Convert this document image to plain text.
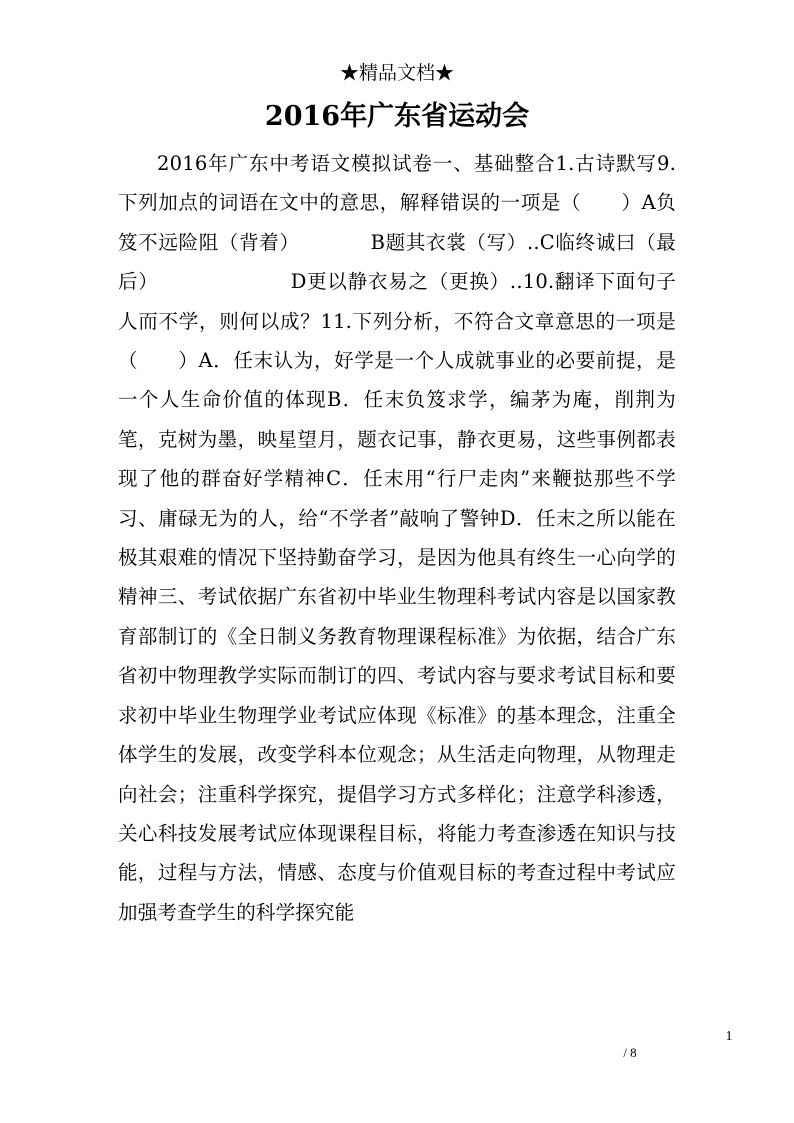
★精品文档★
2016年广东省运动会
2016年广东中考语文模拟试卷一、基础整合1.古诗默写9.下列加点的词语在文中的意思，解释错误的一项是（　　）A负笈不远险阻（背着）　　　　B题其衣裳（写）..C临终诚曰（最后）　　　　　　　D更以静衣易之（更换）..10.翻译下面句子人而不学，则何以成？11.下列分析，不符合文章意思的一项是（　　）A．任末认为，好学是一个人成就事业的必要前提，是一个人生命价值的体现B．任末负笈求学，编茅为庵，削荆为笔，克树为墨，映星望月，题衣记事，静衣更易，这些事例都表现了他的群奋好学精神C．任末用“行尸走肉”来鞭挞那些不学习、庸碌无为的人，给“不学者”敲响了警钟D．任末之所以能在极其艰难的情况下坚持勤奋学习，是因为他具有终生一心向学的精神三、考试依据广东省初中毕业生物理科考试内容是以国家教育部制订的《全日制义务教育物理课程标准》为依据，结合广东省初中物理教学实际而制订的四、考试内容与要求考试目标和要求初中毕业生物理学业考试应体现《标准》的基本理念，注重全体学生的发展，改变学科本位观念；从生活走向物理，从物理走向社会；注重科学探究，提倡学习方式多样化；注意学科渗透，关心科技发展考试应体现课程目标，将能力考查渗透在知识与技能，过程与方法，情感、态度与价值观目标的考查过程中考试应加强考查学生的科学探究能
1
/ 8
